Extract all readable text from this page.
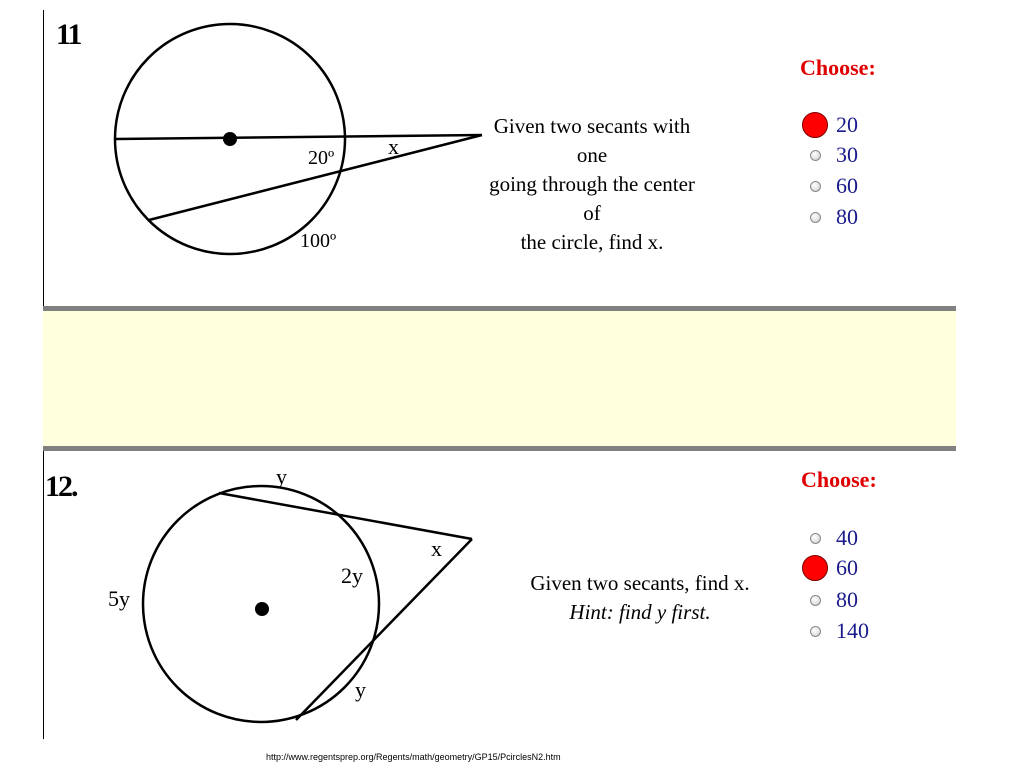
11
20º x
100º
Given two secants with one
going through the center of
the circle, find x.
Choose:
20
30
60
80
12.	y
x
2y
5y
y
Given two secants, find x.
Hint: find y first.
Choose:
40
60
80
140
http://www.regentsprep.org/Regents/math/geometry/GP15/PcirclesN2.htm
